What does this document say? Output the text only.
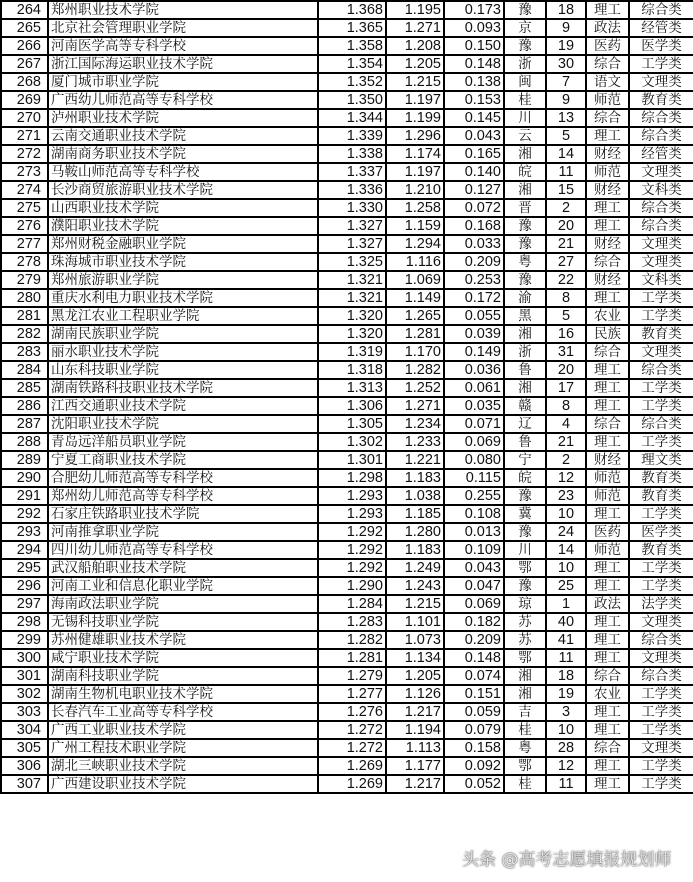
264	郑州职业技术学院	1.368	1.195	0.173	豫	18	理工	综合类
265	北京社会管理职业学院	1.365	1.271	0.093	京	9	政法	经管类
266	河南医学高等专科学校	1.358	1.208	0.150	豫	19	医药	医学类
267	浙江国际海运职业技术学院	1.354	1.205	0.148	浙	30	综合	工学类
268	厦门城市职业学院	1.352	1.215	0.138	闽	7	语文	文理类
269	广西幼儿师范高等专科学校	1.350	1.197	0.153	桂	9	师范	教育类
270	泸州职业技术学院	1.344	1.199	0.145	川	13	综合	综合类
271	云南交通职业技术学院	1.339	1.296	0.043	云	5	理工	综合类
272	湖南商务职业技术学院	1.338	1.174	0.165	湘	14	财经	经管类
273	马鞍山师范高等专科学校	1.337	1.197	0.140	皖	11	师范	文理类
274	长沙商贸旅游职业技术学院	1.336	1.210	0.127	湘	15	财经	文科类
275	山西职业技术学院	1.330	1.258	0.072	晋	2	理工	综合类
276	濮阳职业技术学院	1.327	1.159	0.168	豫	20	理工	综合类
277	郑州财税金融职业学院	1.327	1.294	0.033	豫	21	财经	文理类
278	珠海城市职业技术学院	1.325	1.116	0.209	粤	27	综合	文理类
279	郑州旅游职业学院	1.321	1.069	0.253	豫	22	财经	文科类
280	重庆水利电力职业技术学院	1.321	1.149	0.172	渝	8	理工	工学类
281	黑龙江农业工程职业学院	1.320	1.265	0.055	黑	5	农业	工学类
282	湖南民族职业学院	1.320	1.281	0.039	湘	16	民族	教育类
283	丽水职业技术学院	1.319	1.170	0.149	浙	31	综合	文理类
284	山东科技职业学院	1.318	1.282	0.036	鲁	20	理工	综合类
285	湖南铁路科技职业技术学院	1.313	1.252	0.061	湘	17	理工	工学类
286	江西交通职业技术学院	1.306	1.271	0.035	赣	8	理工	工学类
287	沈阳职业技术学院	1.305	1.234	0.071	辽	4	综合	综合类
288	青岛远洋船员职业学院	1.302	1.233	0.069	鲁	21	理工	工学类
289	宁夏工商职业技术学院	1.301	1.221	0.080	宁	2	财经	理文类
290	合肥幼儿师范高等专科学校	1.298	1.183	0.115	皖	12	师范	教育类
291	郑州幼儿师范高等专科学校	1.293	1.038	0.255	豫	23	师范	教育类
292	石家庄铁路职业技术学院	1.293	1.185	0.108	冀	10	理工	工学类
293	河南推拿职业学院	1.292	1.280	0.013	豫	24	医药	医学类
294	四川幼儿师范高等专科学校	1.292	1.183	0.109	川	14	师范	教育类
295	武汉船舶职业技术学院	1.292	1.249	0.043	鄂	10	理工	工学类
296	河南工业和信息化职业学院	1.290	1.243	0.047	豫	25	理工	工学类
297	海南政法职业学院	1.284	1.215	0.069	琼	1	政法	法学类
298	无锡科技职业学院	1.283	1.101	0.182	苏	40	理工	文理类
299	苏州健雄职业技术学院	1.282	1.073	0.209	苏	41	理工	综合类
300	咸宁职业技术学院	1.281	1.134	0.148	鄂	11	理工	文理类
301	湖南科技职业学院	1.279	1.205	0.074	湘	18	综合	综合类
302	湖南生物机电职业技术学院	1.277	1.126	0.151	湘	19	农业	工学类
303	长春汽车工业高等专科学校	1.276	1.217	0.059	吉	3	理工	工学类
304	广西工业职业技术学院	1.272	1.194	0.079	桂	10	理工	工学类
305	广州工程技术职业学院	1.272	1.113	0.158	粤	28	综合	文理类
306	湖北三峡职业技术学院	1.269	1.177	0.092	鄂	12	理工	工学类
307	广西建设职业技术学院	1.269	1.217	0.052	桂	11	理工	工学类
头条 @高考志愿填报规划师
